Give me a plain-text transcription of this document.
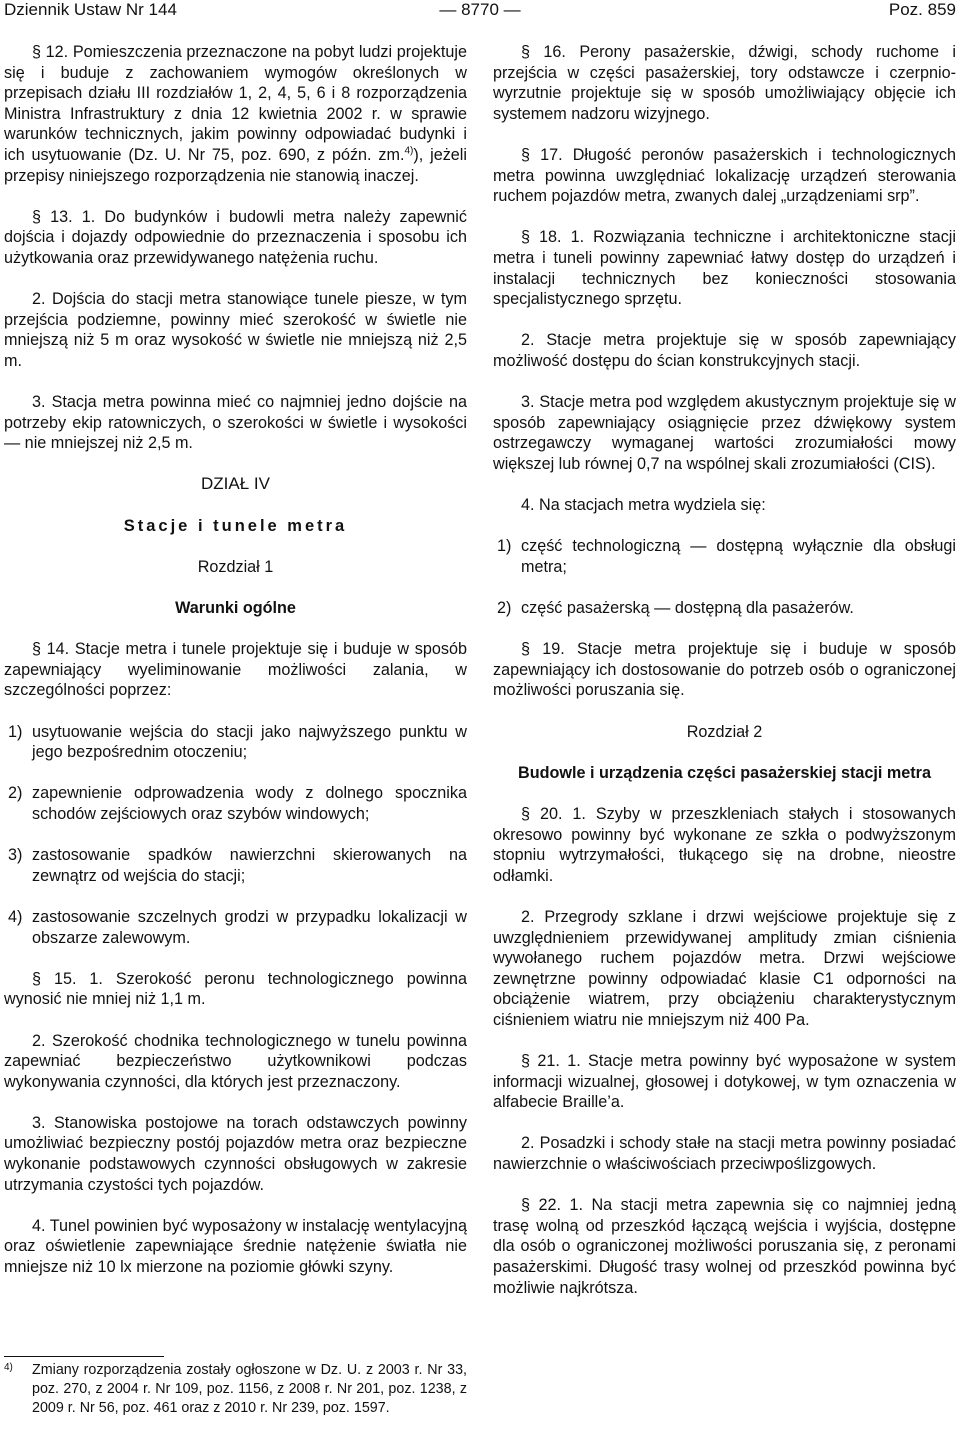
Dziennik Ustaw Nr 144	— 8770 —	Poz. 859

§ 12. Pomieszczenia przeznaczone na pobyt ludzi projektuje się i buduje z zachowaniem wymogów określonych w przepisach działu III rozdziałów 1, 2, 4, 5, 6 i 8 rozporządzenia Ministra Infrastruktury z dnia 12 kwietnia 2002 r. w sprawie warunków technicznych, jakim powinny odpowiadać budynki i ich usytuowanie (Dz. U. Nr 75, poz. 690, z późn. zm.$^{4)}$), jeżeli przepisy niniejszego rozporządzenia nie stanowią inaczej.

§ 13. 1. Do budynków i budowli metra należy zapewnić dojścia i dojazdy odpowiednie do przeznaczenia i sposobu ich użytkowania oraz przewidywanego natężenia ruchu.

2. Dojścia do stacji metra stanowiące tunele piesze, w tym przejścia podziemne, powinny mieć szerokość w świetle nie mniejszą niż 5 m oraz wysokość w świetle nie mniejszą niż 2,5 m.

3. Stacja metra powinna mieć co najmniej jedno dojście na potrzeby ekip ratowniczych, o szerokości w świetle i wysokości — nie mniejszej niż 2,5 m.

DZIAŁ IV

Stacje i tunele metra

Rozdział 1

Warunki ogólne

§ 14. Stacje metra i tunele projektuje się i buduje w sposób zapewniający wyeliminowanie możliwości zalania, w szczególności poprzez:

1) usytuowanie wejścia do stacji jako najwyższego punktu w jego bezpośrednim otoczeniu;

2) zapewnienie odprowadzenia wody z dolnego spocznika schodów zejściowych oraz szybów windowych;

3) zastosowanie spadków nawierzchni skierowanych na zewnątrz od wejścia do stacji;

4) zastosowanie szczelnych grodzi w przypadku lokalizacji w obszarze zalewowym.

§ 15. 1. Szerokość peronu technologicznego powinna wynosić nie mniej niż 1,1 m.

2. Szerokość chodnika technologicznego w tunelu powinna zapewniać bezpieczeństwo użytkownikowi podczas wykonywania czynności, dla których jest przeznaczony.

3. Stanowiska postojowe na torach odstawczych powinny umożliwiać bezpieczny postój pojazdów metra oraz bezpieczne wykonanie podstawowych czynności obsługowych w zakresie utrzymania czystości tych pojazdów.

4. Tunel powinien być wyposażony w instalację wentylacyjną oraz oświetlenie zapewniające średnie natężenie światła nie mniejsze niż 10 lx mierzone na poziomie główki szyny.

§ 16. Perony pasażerskie, dźwigi, schody ruchome i przejścia w części pasażerskiej, tory odstawcze i czerpnio-wyrzutnie projektuje się w sposób umożliwiający objęcie ich systemem nadzoru wizyjnego.

§ 17. Długość peronów pasażerskich i technologicznych metra powinna uwzględniać lokalizację urządzeń sterowania ruchem pojazdów metra, zwanych dalej „urządzeniami srp”.

§ 18. 1. Rozwiązania techniczne i architektoniczne stacji metra i tuneli powinny zapewniać łatwy dostęp do urządzeń i instalacji technicznych bez konieczności stosowania specjalistycznego sprzętu.

2. Stacje metra projektuje się w sposób zapewniający możliwość dostępu do ścian konstrukcyjnych stacji.

3. Stacje metra pod względem akustycznym projektuje się w sposób zapewniający osiągnięcie przez dźwiękowy system ostrzegawczy wymaganej wartości zrozumiałości mowy większej lub równej 0,7 na wspólnej skali zrozumiałości (CIS).

4. Na stacjach metra wydziela się:

1) część technologiczną — dostępną wyłącznie dla obsługi metra;

2) część pasażerską — dostępną dla pasażerów.

§ 19. Stacje metra projektuje się i buduje w sposób zapewniający ich dostosowanie do potrzeb osób o ograniczonej możliwości poruszania się.

Rozdział 2

Budowle i urządzenia części pasażerskiej stacji metra

§ 20. 1. Szyby w przeszkleniach stałych i stosowanych okresowo powinny być wykonane ze szkła o podwyższonym stopniu wytrzymałości, tłukącego się na drobne, nieostre odłamki.

2. Przegrody szklane i drzwi wejściowe projektuje się z uwzględnieniem przewidywanej amplitudy zmian ciśnienia wywołanego ruchem pojazdów metra. Drzwi wejściowe zewnętrzne powinny odpowiadać klasie C1 odporności na obciążenie wiatrem, przy obciążeniu charakterystycznym ciśnieniem wiatru nie mniejszym niż 400 Pa.

§ 21. 1. Stacje metra powinny być wyposażone w system informacji wizualnej, głosowej i dotykowej, w tym oznaczenia w alfabecie Braille’a.

2. Posadzki i schody stałe na stacji metra powinny posiadać nawierzchnie o właściwościach przeciwpoślizgowych.

§ 22. 1. Na stacji metra zapewnia się co najmniej jedną trasę wolną od przeszkód łączącą wejścia i wyjścia, dostępne dla osób o ograniczonej możliwości poruszania się, z peronami pasażerskimi. Długość trasy wolnej od przeszkód powinna być możliwie najkrótsza.

4)	Zmiany rozporządzenia zostały ogłoszone w Dz. U. z 2003 r. Nr 33, poz. 270, z 2004 r. Nr 109, poz. 1156, z 2008 r. Nr 201, poz. 1238, z 2009 r. Nr 56, poz. 461 oraz z 2010 r. Nr 239, poz. 1597.
